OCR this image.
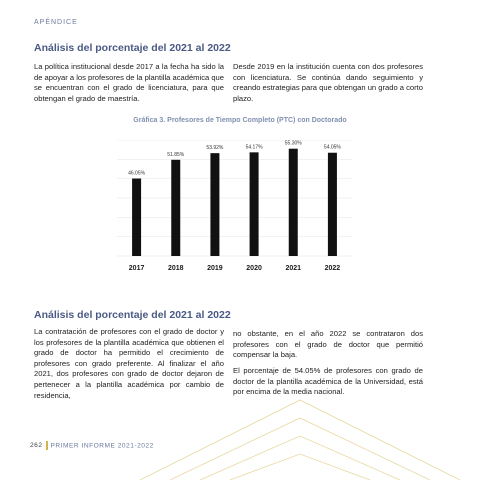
APÉNDICE
Análisis del porcentaje del 2021 al 2022
La política institucional desde 2017 a la fecha ha sido la de apoyar a los profesores de la plantilla académica que se encuentran con el grado de licenciatura, para que obtengan el grado de maestría.
Desde 2019 en la institución cuenta con dos profesores con licenciatura. Se continúa dando seguimiento y creando estrategias para que obtengan un grado a corto plazo.
Gráfica 3. Profesores de Tiempo Completo (PTC) con Doctorado
46.05%
2017
51.85%
2018
53.92%
2019
54.17%
2020
55.30%
2021
54.05%
2022
Análisis del porcentaje del 2021 al 2022
La contratación de profesores con el grado de doctor y los profesores de la plantilla académica que obtienen el grado de doctor ha permitido el crecimiento de profesores con grado preferente. Al finalizar el año 2021, dos profesores con grado de doctor dejaron de pertenecer a la plantilla académica por cambio de residencia,
no obstante, en el año 2022 se contrataron dos profesores con el grado de doctor que permitió compensar la baja.
El porcentaje de 54.05% de profesores con grado de doctor de la plantilla académica de la Universidad, está por encima de la media nacional.
262 PRIMER INFORME 2021-2022
